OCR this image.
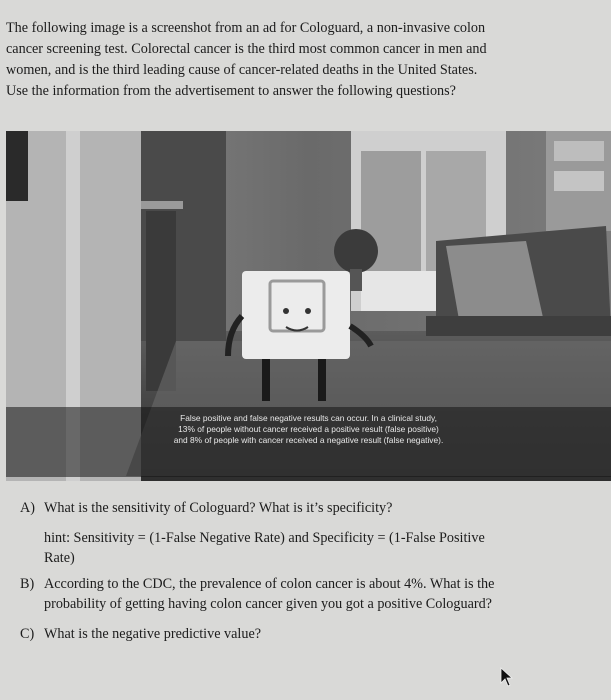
The following image is a screenshot from an ad for Cologuard, a non-invasive colon

cancer screening test. Colorectal cancer is the third most common cancer in men and

women, and is the third leading cause of cancer-related deaths in the United States.

Use the information from the advertisement to answer the following questions?

False positive and false negative results can occur. In a clinical study,
13% of people without cancer received a positive result (false positive)
and 8% of people with cancer received a negative result (false negative).
A) What is the sensitivity of Cologuard? What is it’s specificity?
hint: Sensitivity = (1-False Negative Rate) and Specificity = (1-False Positive
Rate)
B) According to the CDC, the prevalence of colon cancer is about 4%. What is the
probability of getting having colon cancer given you got a positive Cologuard?
C) What is the negative predictive value?
